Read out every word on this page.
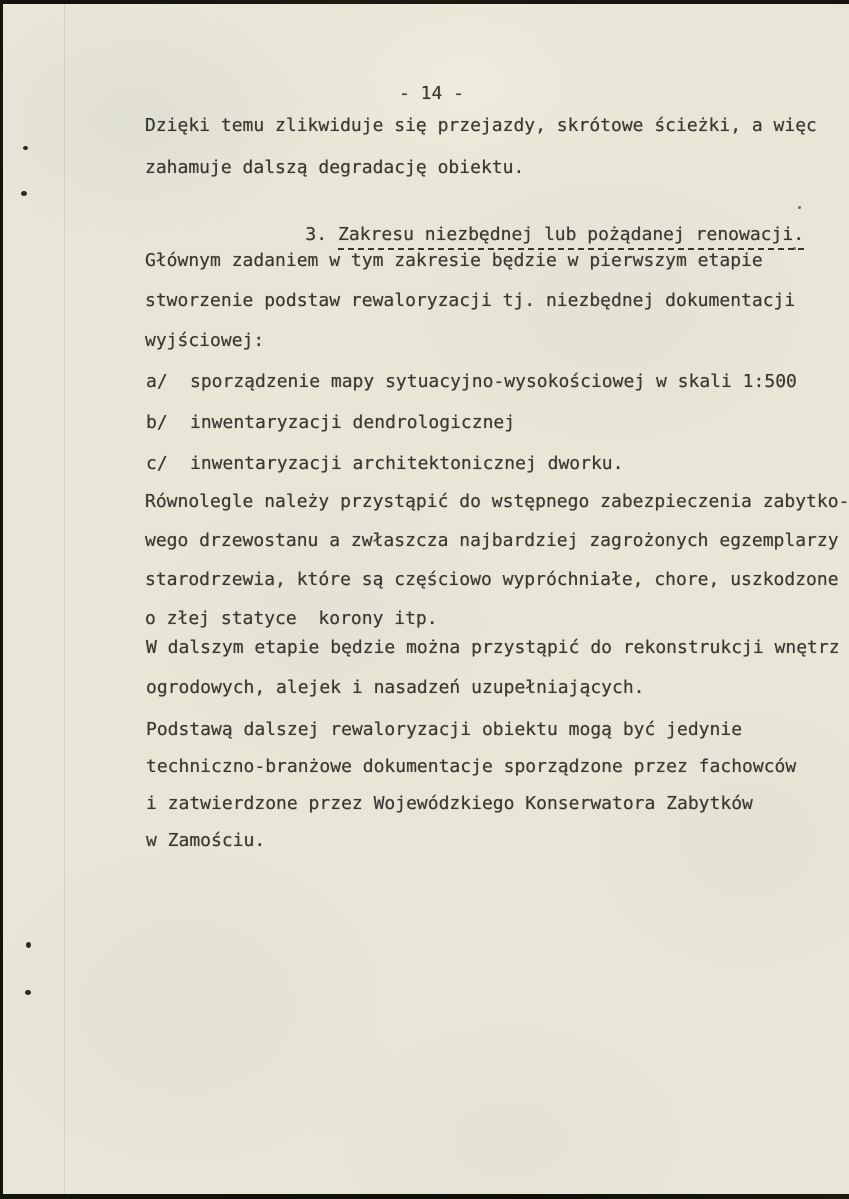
- 14 -
Dzięki temu zlikwiduje się przejazdy, skrótowe ścieżki, a więc
zahamuje dalszą degradację obiektu.

3. Zakresu niezbędnej lub pożądanej renowacji.

Głównym zadaniem w tym zakresie będzie w pierwszym etapie
stworzenie podstaw rewaloryzacji tj. niezbędnej dokumentacji
wyjściowej:
a/ sporządzenie mapy sytuacyjno-wysokościowej w skali 1:500
b/ inwentaryzacji dendrologicznej
c/ inwentaryzacji architektonicznej dworku.
Równolegle należy przystąpić do wstępnego zabezpieczenia zabytko-
wego drzewostanu a zwłaszcza najbardziej zagrożonych egzemplarzy
starodrzewia, które są częściowo wypróchniałe, chore, uszkodzone
o złej statyce  korony itp.
W dalszym etapie będzie można przystąpić do rekonstrukcji wnętrz
ogrodowych, alejek i nasadzeń uzupełniających.
Podstawą dalszej rewaloryzacji obiektu mogą być jedynie
techniczno-branżowe dokumentacje sporządzone przez fachowców
i zatwierdzone przez Wojewódzkiego Konserwatora Zabytków
w Zamościu.
